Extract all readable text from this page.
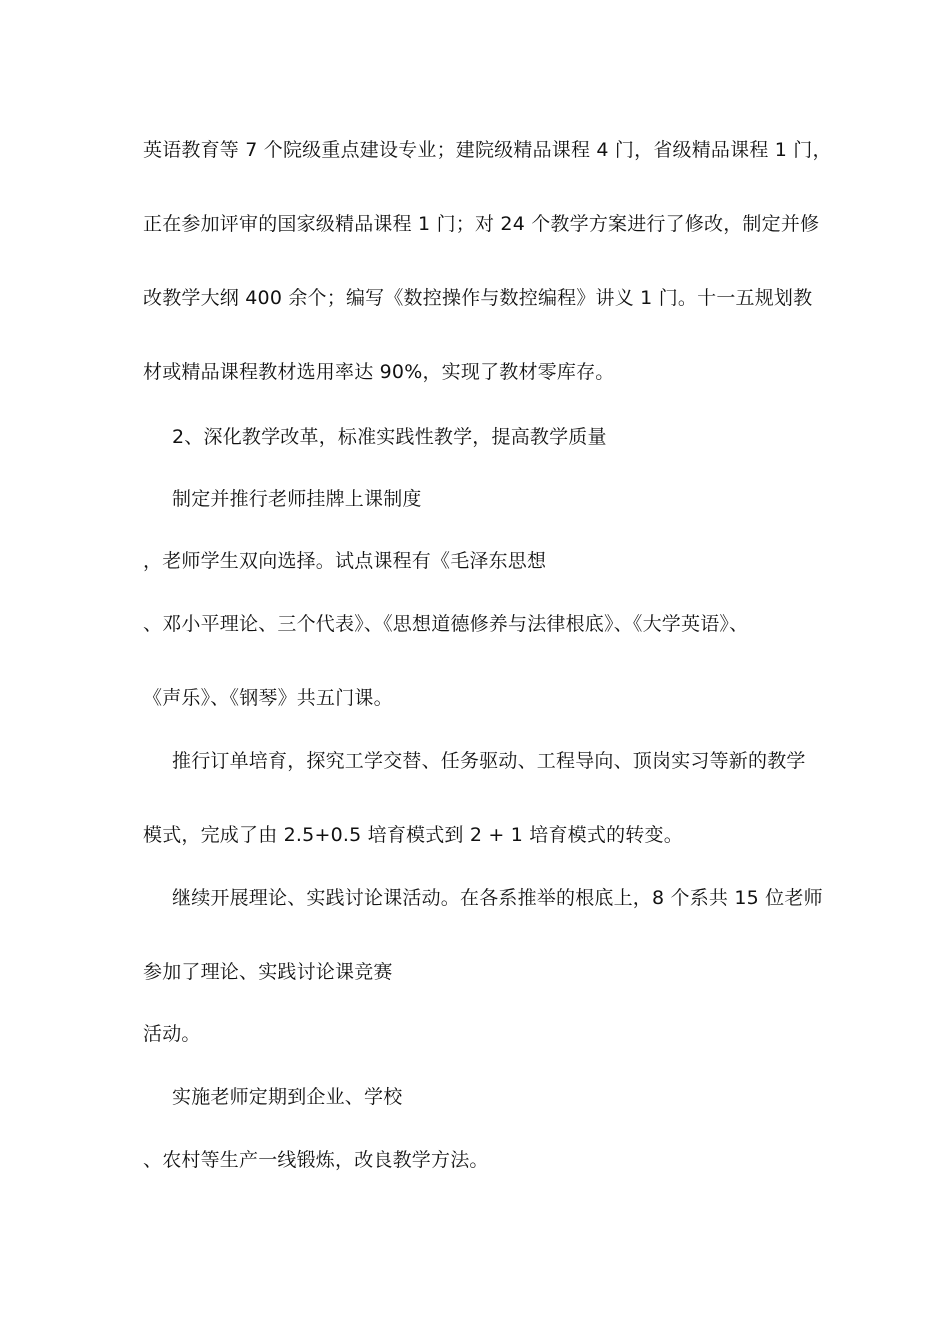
英语教育等 7 个院级重点建设专业；建院级精品课程 4 门，省级精品课程 1 门，
正在参加评审的国家级精品课程 1 门；对 24 个教学方案进行了修改，制定并修
改教学大纲 400 余个；编写《数控操作与数控编程》讲义 1 门。十一五规划教
材或精品课程教材选用率达 90%，实现了教材零库存。
2、深化教学改革，标准实践性教学，提高教学质量
制定并推行老师挂牌上课制度
，老师学生双向选择。试点课程有《毛泽东思想
、邓小平理论、三个代表》、《思想道德修养与法律根底》、《大学英语》、
《声乐》、《钢琴》共五门课。
推行订单培育，探究工学交替、任务驱动、工程导向、顶岗实习等新的教学
模式，完成了由 2.5+0.5 培育模式到 2 + 1 培育模式的转变。
继续开展理论、实践讨论课活动。在各系推举的根底上，8 个系共 15 位老师
参加了理论、实践讨论课竞赛
活动。
实施老师定期到企业、学校
、农村等生产一线锻炼，改良教学方法。
